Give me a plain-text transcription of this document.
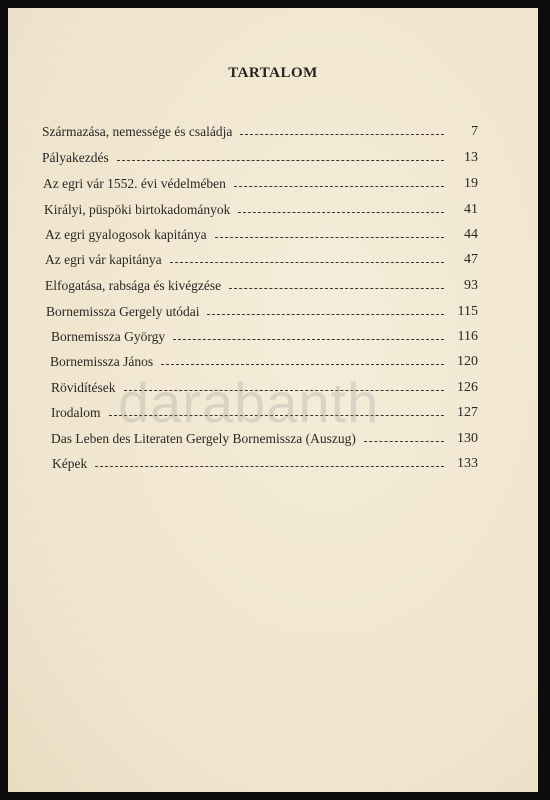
TARTALOM
Származása, nemessége és családja	7
Pályakezdés	13
Az egri vár 1552. évi védelmében	19
Királyi, püspöki birtokadományok	41
Az egri gyalogosok kapitánya	44
Az egri vár kapitánya	47
Elfogatása, rabsága és kivégzése	93
Bornemissza Gergely utódai	115
Bornemissza György	116
Bornemissza János	120
Rövidítések	126
Irodalom	127
Das Leben des Literaten Gergely Bornemissza (Auszug)	130
Képek	133
darabanth
